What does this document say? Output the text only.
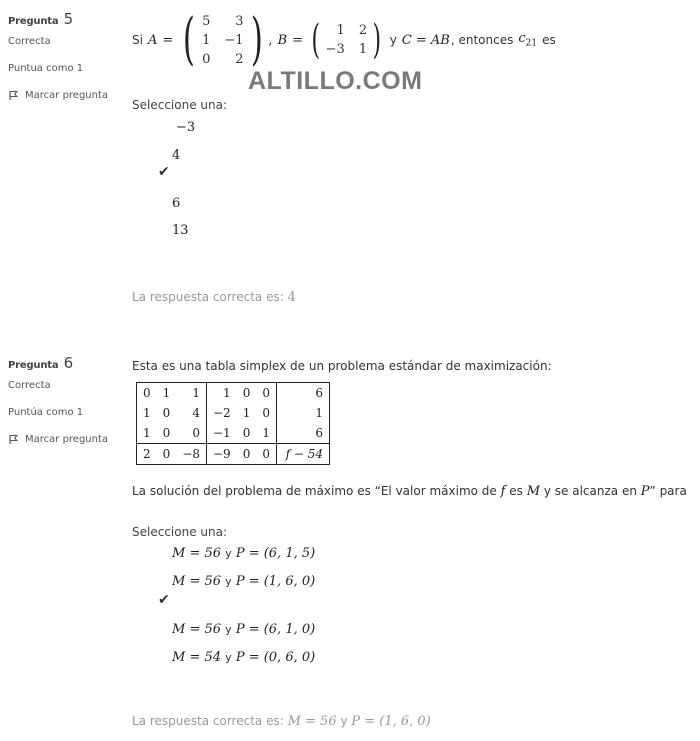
Pregunta 5
Correcta
Puntua como 1
Marcar pregunta
Si A = ( 5	3
1 −1
0	2 ) , B = (	1 2
−3 1 ) y C = AB , entonces $c_{21}$ es
ALTILLO.COM
Seleccione una:
−3
4
✔
6
13
La respuesta correcta es: 4
Pregunta 6
Correcta
Puntúa como 1
Marcar pregunta
Esta es una tabla simplex de un problema estándar de maximización:
0	1	1	1	0	0	6
1	0	4	−2	1	0	1
1	0	0	−1	0	1	6
2	0	−8	−9	0	0	f − 54
La solución del problema de máximo es “El valor máximo de f es M y se alcanza en P” para
Seleccione una:
M = 56 y P = (6, 1, 5)
M = 56 y P = (1, 6, 0)
✔
M = 56 y P = (6, 1, 0)
M = 54 y P = (0, 6, 0)
La respuesta correcta es: M = 56 y P = (1, 6, 0)
